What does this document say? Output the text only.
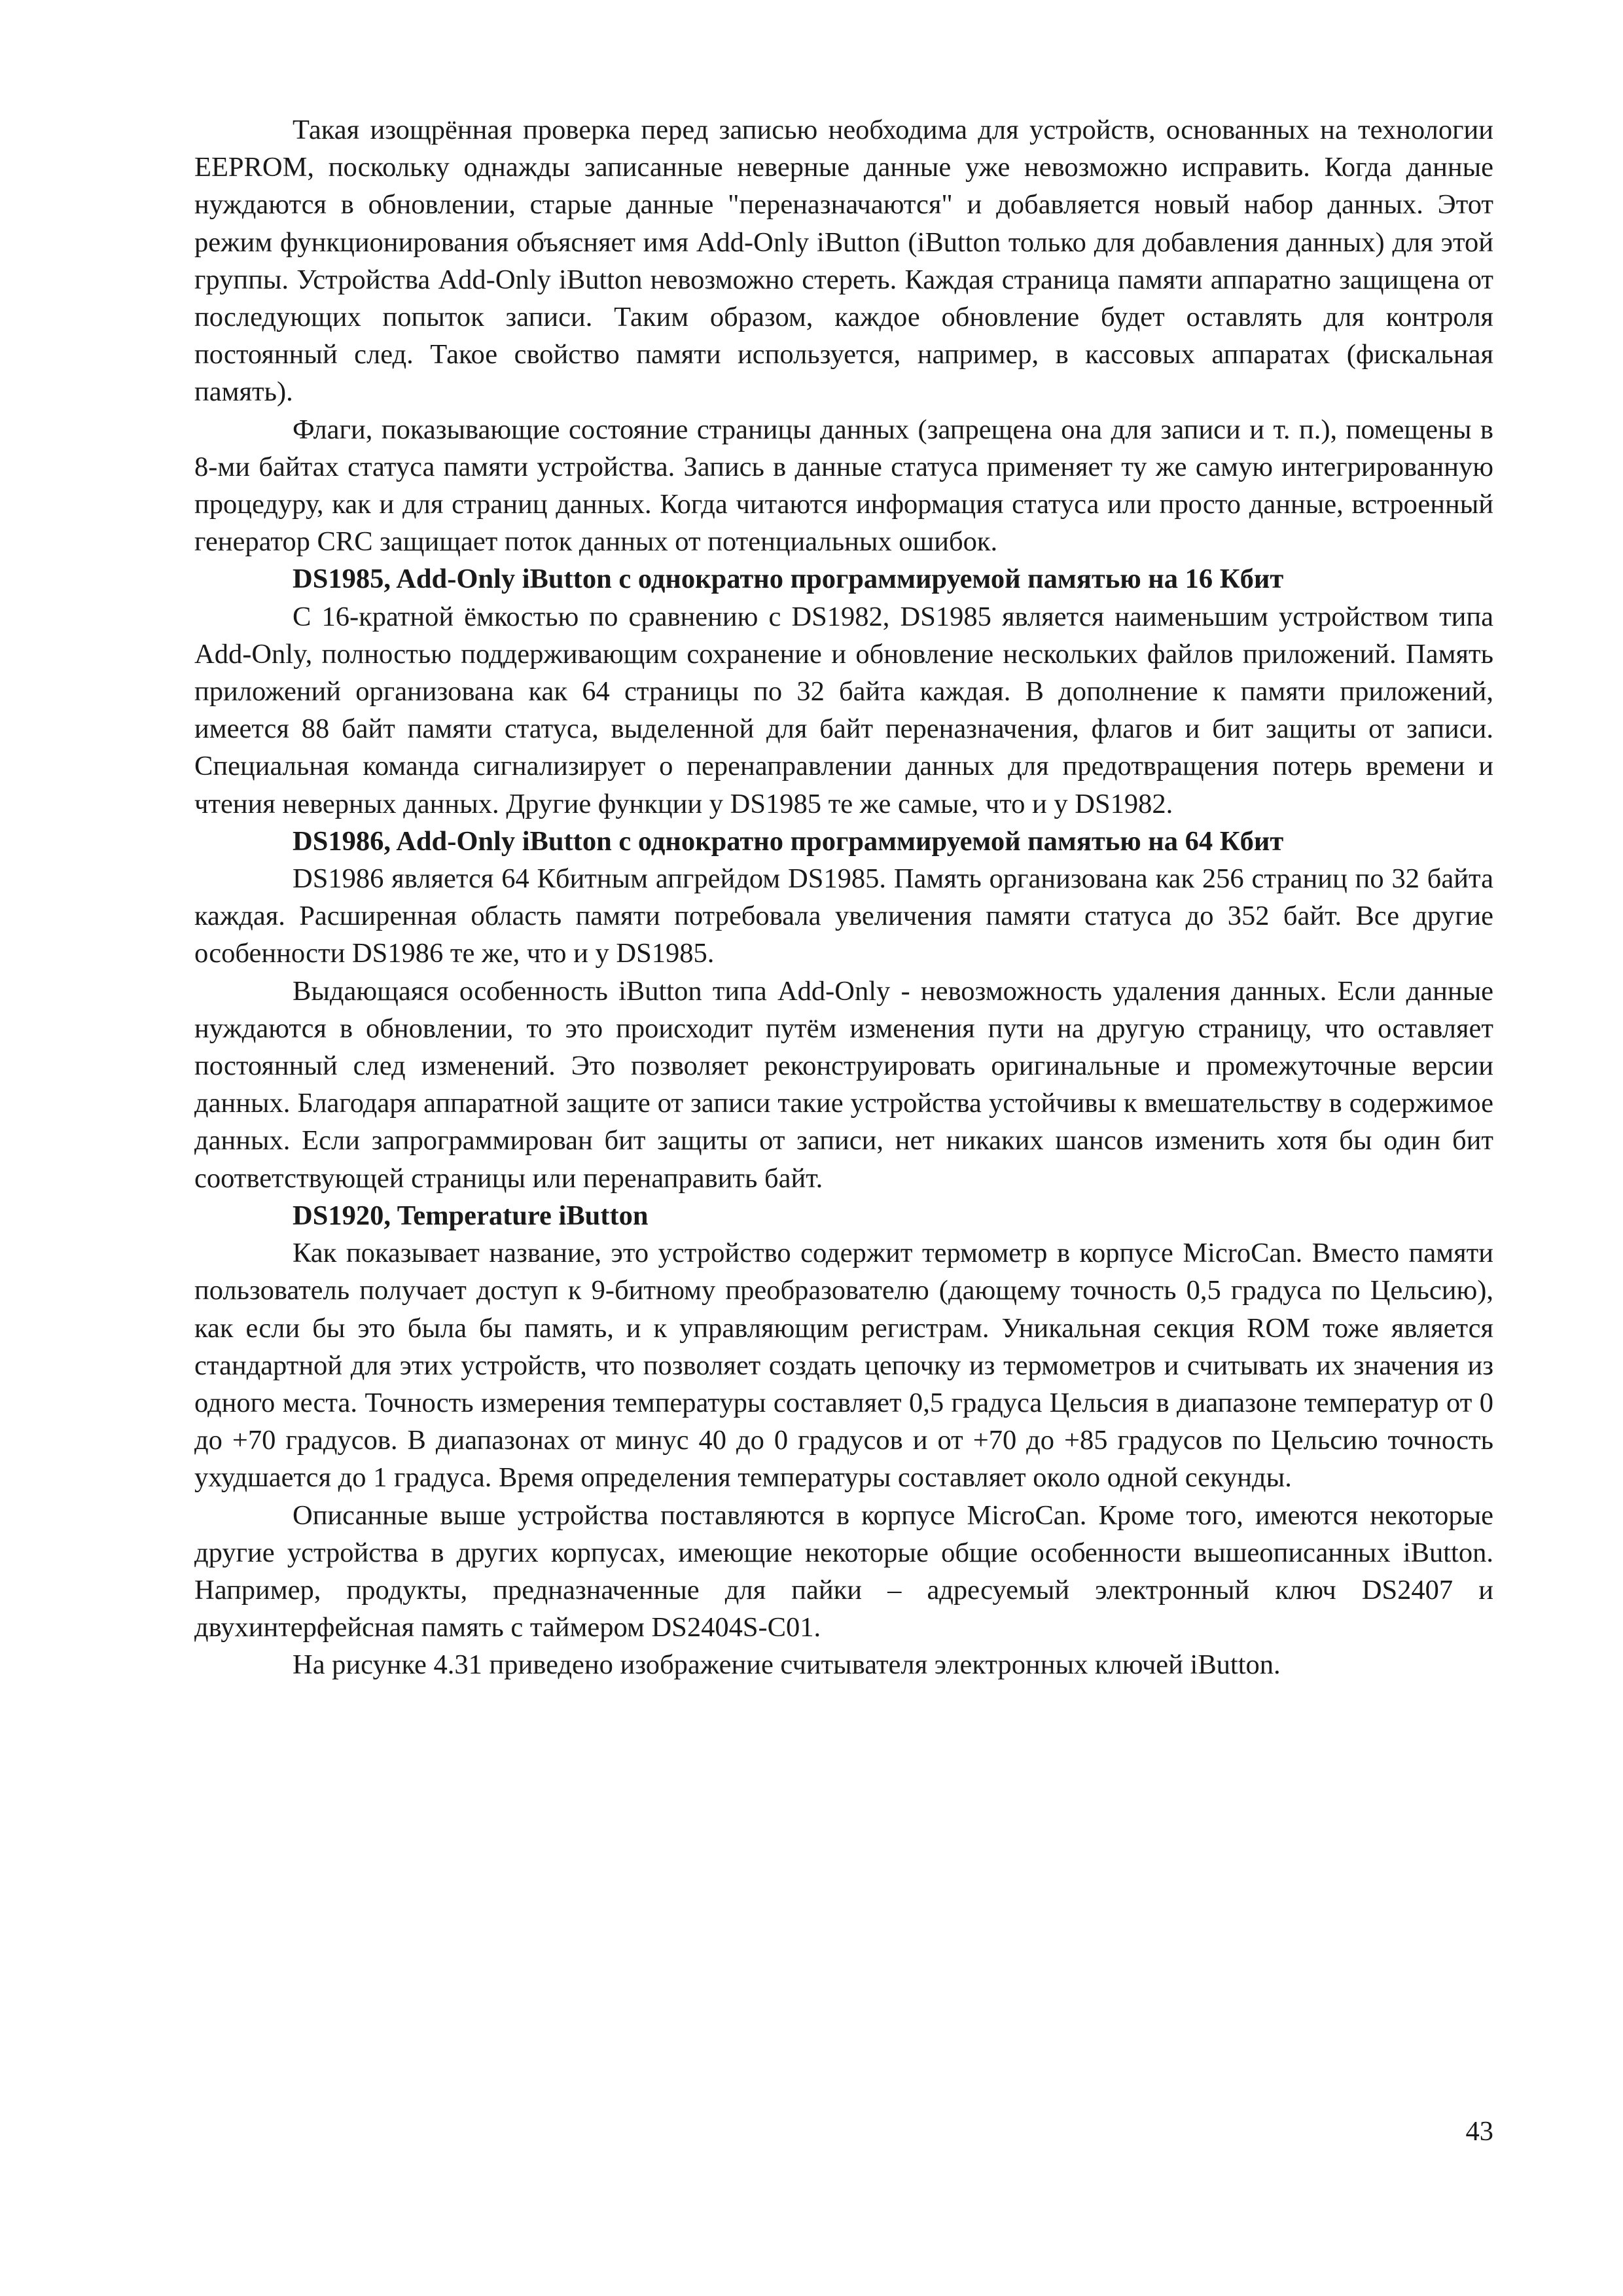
Такая изощрённая проверка перед записью необходима для устройств, основанных на технологии EEPROM, поскольку однажды записанные неверные данные уже невозможно исправить. Когда данные нуждаются в обновлении, старые данные "переназначаются" и добавляется новый набор данных. Этот режим функционирования объясняет имя Add-Only iButton (iButton только для добавления данных) для этой группы. Устройства Add-Only iButton невозможно стереть. Каждая страница памяти аппаратно защищена от последующих попыток записи. Таким образом, каждое обновление будет оставлять для контроля постоянный след. Такое свойство памяти используется, например, в кассовых аппаратах (фискальная память).

Флаги, показывающие состояние страницы данных (запрещена она для записи и т. п.), помещены в 8-ми байтах статуса памяти устройства. Запись в данные статуса применяет ту же самую интегрированную процедуру, как и для страниц данных. Когда читаются информация статуса или просто данные, встроенный генератор CRC защищает поток данных от потенциальных ошибок.

DS1985, Add-Only iButton с однократно программируемой памятью на 16 Кбит

С 16-кратной ёмкостью по сравнению с DS1982, DS1985 является наименьшим устройством типа Add-Only, полностью поддерживающим сохранение и обновление нескольких файлов приложений. Память приложений организована как 64 страницы по 32 байта каждая. В дополнение к памяти приложений, имеется 88 байт памяти статуса, выделенной для байт переназначения, флагов и бит защиты от записи. Специальная команда сигнализирует о перенаправлении данных для предотвращения потерь времени и чтения неверных данных. Другие функции у DS1985 те же самые, что и у DS1982.

DS1986, Add-Only iButton с однократно программируемой памятью на 64 Кбит

DS1986 является 64 Кбитным апгрейдом DS1985. Память организована как 256 страниц по 32 байта каждая. Расширенная область памяти потребовала увеличения памяти статуса до 352 байт. Все другие особенности DS1986 те же, что и у DS1985.

Выдающаяся особенность iButton типа Add-Only - невозможность удаления данных. Если данные нуждаются в обновлении, то это происходит путём изменения пути на другую страницу, что оставляет постоянный след изменений. Это позволяет реконструировать оригинальные и промежуточные версии данных. Благодаря аппаратной защите от записи такие устройства устойчивы к вмешательству в содержимое данных. Если запрограммирован бит защиты от записи, нет никаких шансов изменить хотя бы один бит соответствующей страницы или перенаправить байт.

DS1920, Temperature iButton

Как показывает название, это устройство содержит термометр в корпусе MicroCan. Вместо памяти пользователь получает доступ к 9-битному преобразователю (дающему точность 0,5 градуса по Цельсию), как если бы это была бы память, и к управляющим регистрам. Уникальная секция ROM тоже является стандартной для этих устройств, что позволяет создать цепочку из термометров и считывать их значения из одного места. Точность измерения температуры составляет 0,5 градуса Цельсия в диапазоне температур от 0 до +70 градусов. В диапазонах от минус 40 до 0 градусов и от +70 до +85 градусов по Цельсию точность ухудшается до 1 градуса. Время определения температуры составляет около одной секунды.

Описанные выше устройства поставляются в корпусе MicroCan. Кроме того, имеются некоторые другие устройства в других корпусах, имеющие некоторые общие особенности вышеописанных iButton. Например, продукты, предназначенные для пайки – адресуемый электронный ключ DS2407 и двухинтерфейсная память с таймером DS2404S-C01.

На рисунке 4.31 приведено изображение считывателя электронных ключей iButton.

43
